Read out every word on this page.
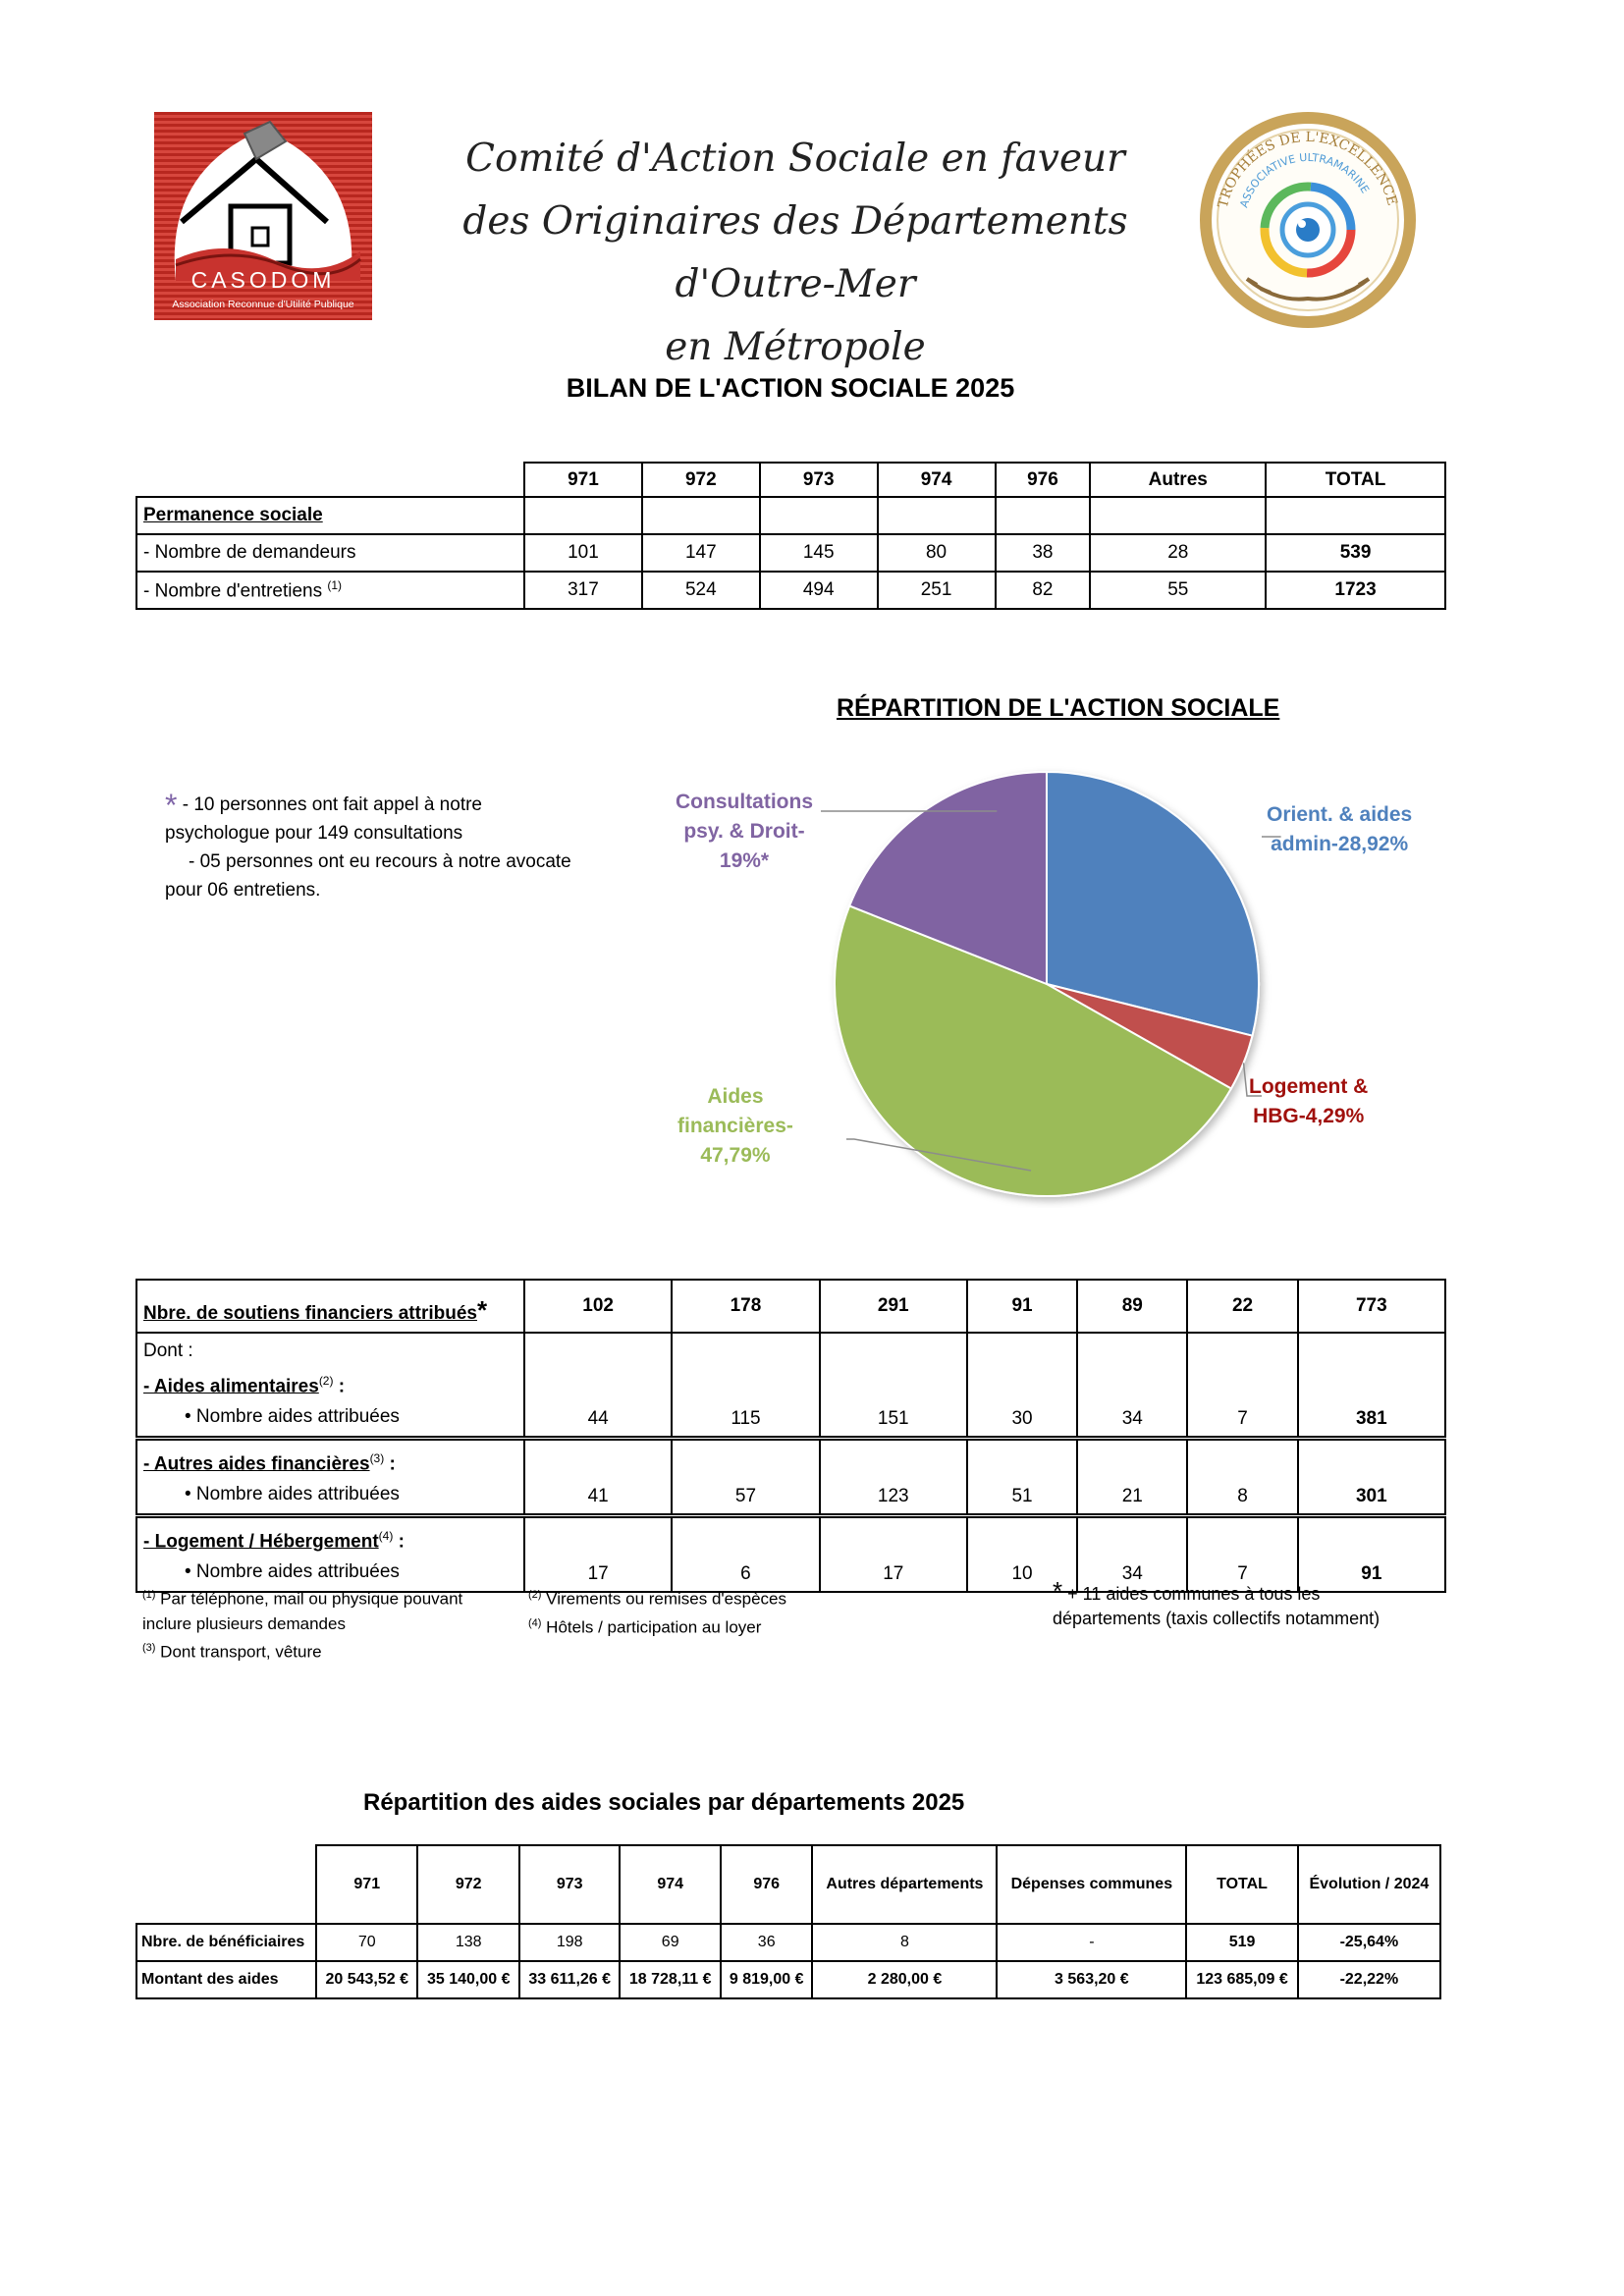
CASODOM
Association Reconnue d'Utilité Publique
Comité d'Action Sociale en faveur
des Originaires des Départements d'Outre-Mer
en Métropole
TROPHÉES DE L'EXCELLENCE
ASSOCIATIVE ULTRAMARINE
BILAN DE L'ACTION SOCIALE 2025
	971	972	973	974	976	Autres	TOTAL
Permanence sociale							
- Nombre de demandeurs	101	147	145	80	38	28	539
- Nombre d'entretiens $^{(1)}$	317	524	494	251	82	55	1723
RÉPARTITION DE L'ACTION SOCIALE
* - 10 personnes ont fait appel à notre psychologue pour 149 consultations
- 05 personnes ont eu recours à notre avocate pour 06 entretiens.
Orient. & aides
admin-28,92%
Logement &
HBG-4,29%
Aides
financières-
47,79%
Consultations
psy. & Droit-
19%*
Nbre. de soutiens financiers attribués*	102	178	291	91	89	22	773

Dont :
- Aides alimentaires$^{(2)}$ :
• Nombre aides attribuées	44	115	151	30	34	7	381

- Autres aides financières$^{(3)}$ :
• Nombre aides attribuées	41	57	123	51	21	8	301

- Logement / Hébergement$^{(4)}$ :
• Nombre aides attribuées	17	6	17	10	34	7	91
$^{(1)}$ Par téléphone, mail ou physique pouvant inclure plusieurs demandes
$^{(3)}$ Dont transport, vêture
$^{(2)}$ Virements ou remises d'espèces
$^{(4)}$ Hôtels / participation au loyer
* + 11 aides communes à tous les départements (taxis collectifs notamment)
Répartition des aides sociales par départements 2025
	971	972	973	974	976	Autres départements	Dépenses communes	TOTAL	Évolution / 2024
Nbre. de bénéficiaires	70	138	198	69	36	8	-	519	-25,64%
Montant des aides	20 543,52 €	35 140,00 €	33 611,26 €	18 728,11 €	9 819,00 €	2 280,00 €	3 563,20 €	123 685,09 €	-22,22%
